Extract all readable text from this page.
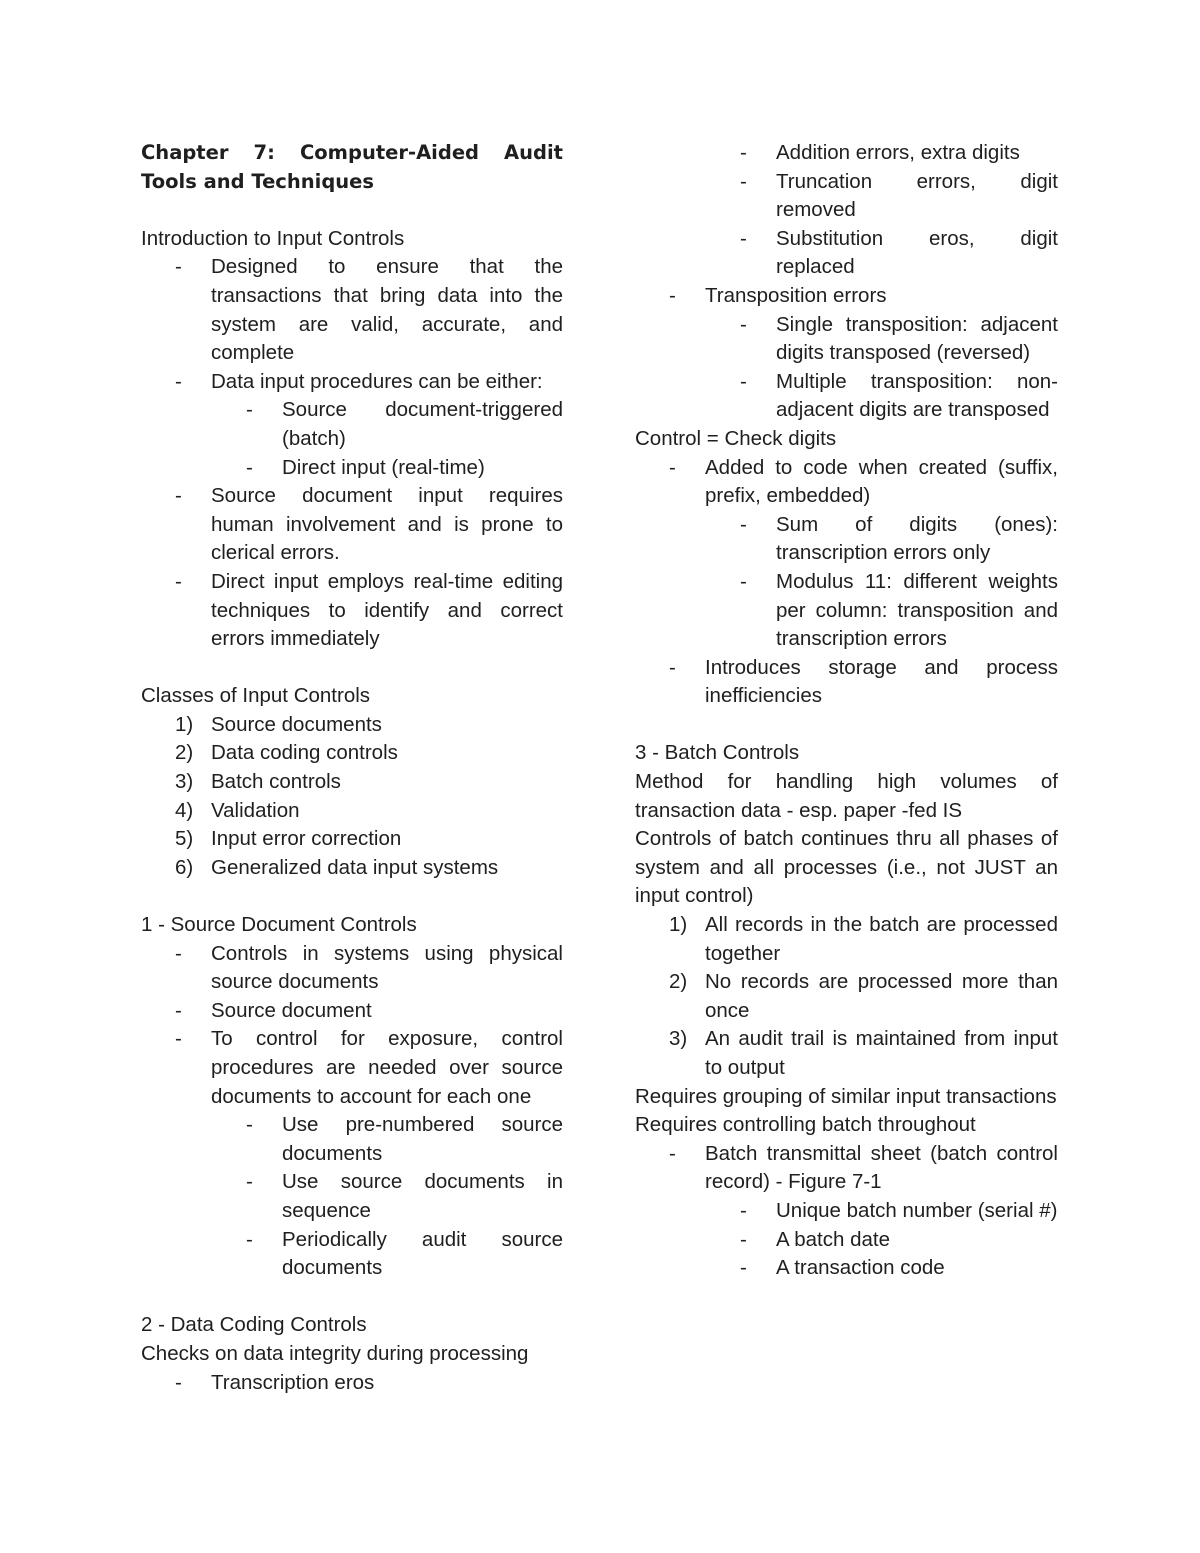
Chapter 7: Computer-Aided Audit Tools and Techniques
Introduction to Input Controls
-	Designed to ensure that the transactions that bring data into the system are valid, accurate, and complete
-	Data input procedures can be either:
-	Source document-triggered (batch)
-	Direct input (real-time)
-	Source document input requires human involvement and is prone to clerical errors.
-	Direct input employs real-time editing techniques to identify and correct errors immediately
Classes of Input Controls
1) Source documents
2) Data coding controls
3) Batch controls
4) Validation
5) Input error correction
6) Generalized data input systems
1 - Source Document Controls
-	Controls in systems using physical source documents
-	Source document
-	To control for exposure, control procedures are needed over source documents to account for each one
-	Use pre-numbered source documents
-	Use source documents in sequence
-	Periodically audit source documents
2 - Data Coding Controls
Checks on data integrity during processing
-	Transcription eros
-	Addition errors, extra digits
-	Truncation errors, digit removed
-	Substitution eros, digit replaced
-	Transposition errors
-	Single transposition: adjacent digits transposed (reversed)
-	Multiple transposition: non-adjacent digits are transposed
Control = Check digits
-	Added to code when created (suffix, prefix, embedded)
-	Sum of digits (ones): transcription errors only
-	Modulus 11: different weights per column: transposition and transcription errors
-	Introduces storage and process inefficiencies
3 - Batch Controls
Method for handling high volumes of transaction data - esp. paper -fed IS
Controls of batch continues thru all phases of system and all processes (i.e., not JUST an input control)
1) All records in the batch are processed together
2) No records are processed more than once
3) An audit trail is maintained from input to output
Requires grouping of similar input transactions
Requires controlling batch throughout
-	Batch transmittal sheet (batch control record) - Figure 7-1
-	Unique batch number (serial #)
-	A batch date
-	A transaction code
